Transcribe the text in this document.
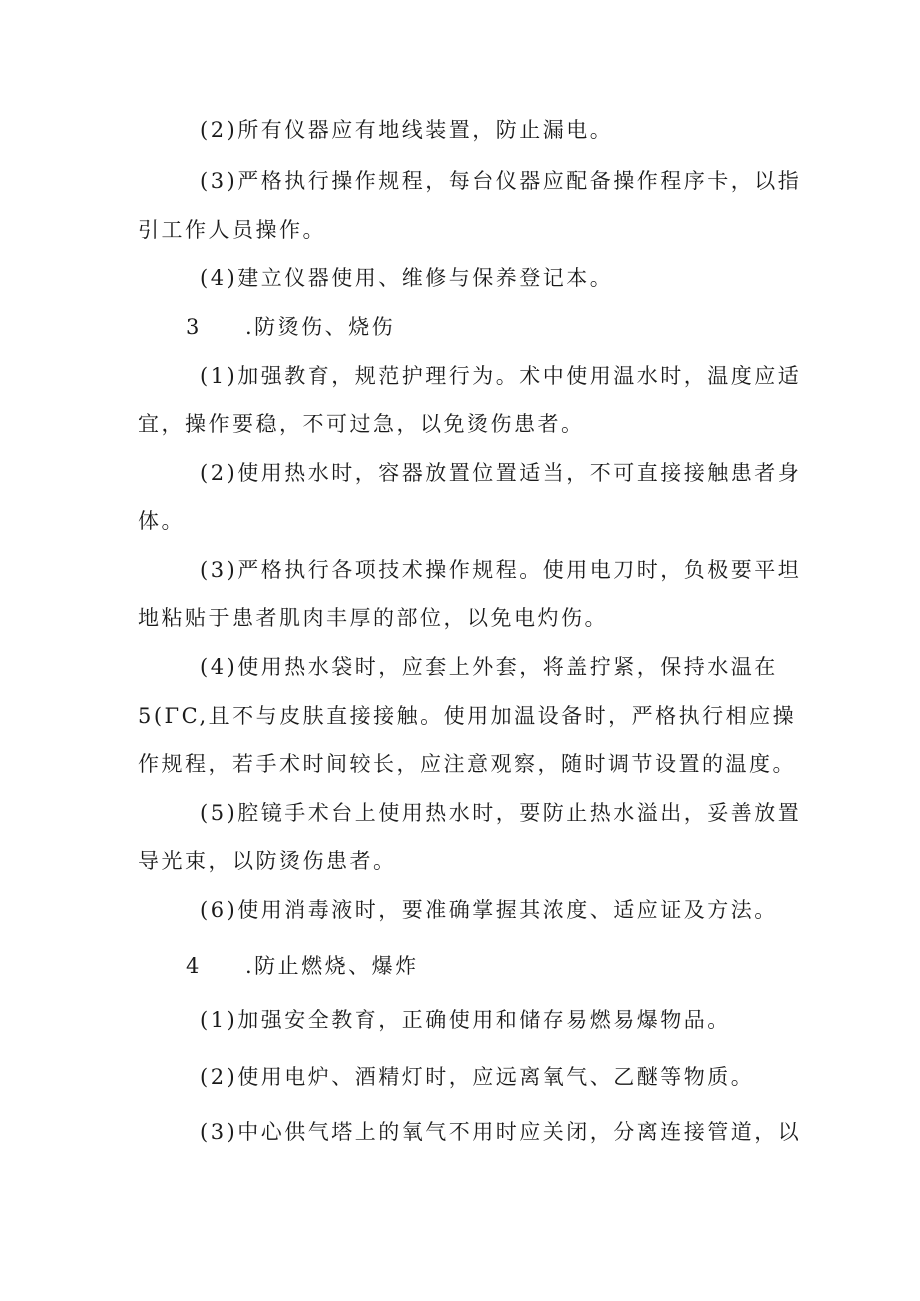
(2)所有仪器应有地线装置，防止漏电。
(3)严格执行操作规程，每台仪器应配备操作程序卡，以指
引工作人员操作。
(4)建立仪器使用、维修与保养登记本。
3 .防烫伤、烧伤
(1)加强教育，规范护理行为。术中使用温水时，温度应适
宜，操作要稳，不可过急，以免烫伤患者。
(2)使用热水时，容器放置位置适当，不可直接接触患者身
体。
(3)严格执行各项技术操作规程。使用电刀时，负极要平坦
地粘贴于患者肌肉丰厚的部位，以免电灼伤。
(4)使用热水袋时，应套上外套，将盖拧紧，保持水温在
5(ΓC,且不与皮肤直接接触。使用加温设备时，严格执行相应操
作规程，若手术时间较长，应注意观察，随时调节设置的温度。
(5)腔镜手术台上使用热水时，要防止热水溢出，妥善放置
导光束，以防烫伤患者。
(6)使用消毒液时，要准确掌握其浓度、适应证及方法。
4 .防止燃烧、爆炸
(1)加强安全教育，正确使用和储存易燃易爆物品。
(2)使用电炉、酒精灯时，应远离氧气、乙醚等物质。
(3)中心供气塔上的氧气不用时应关闭，分离连接管道，以
